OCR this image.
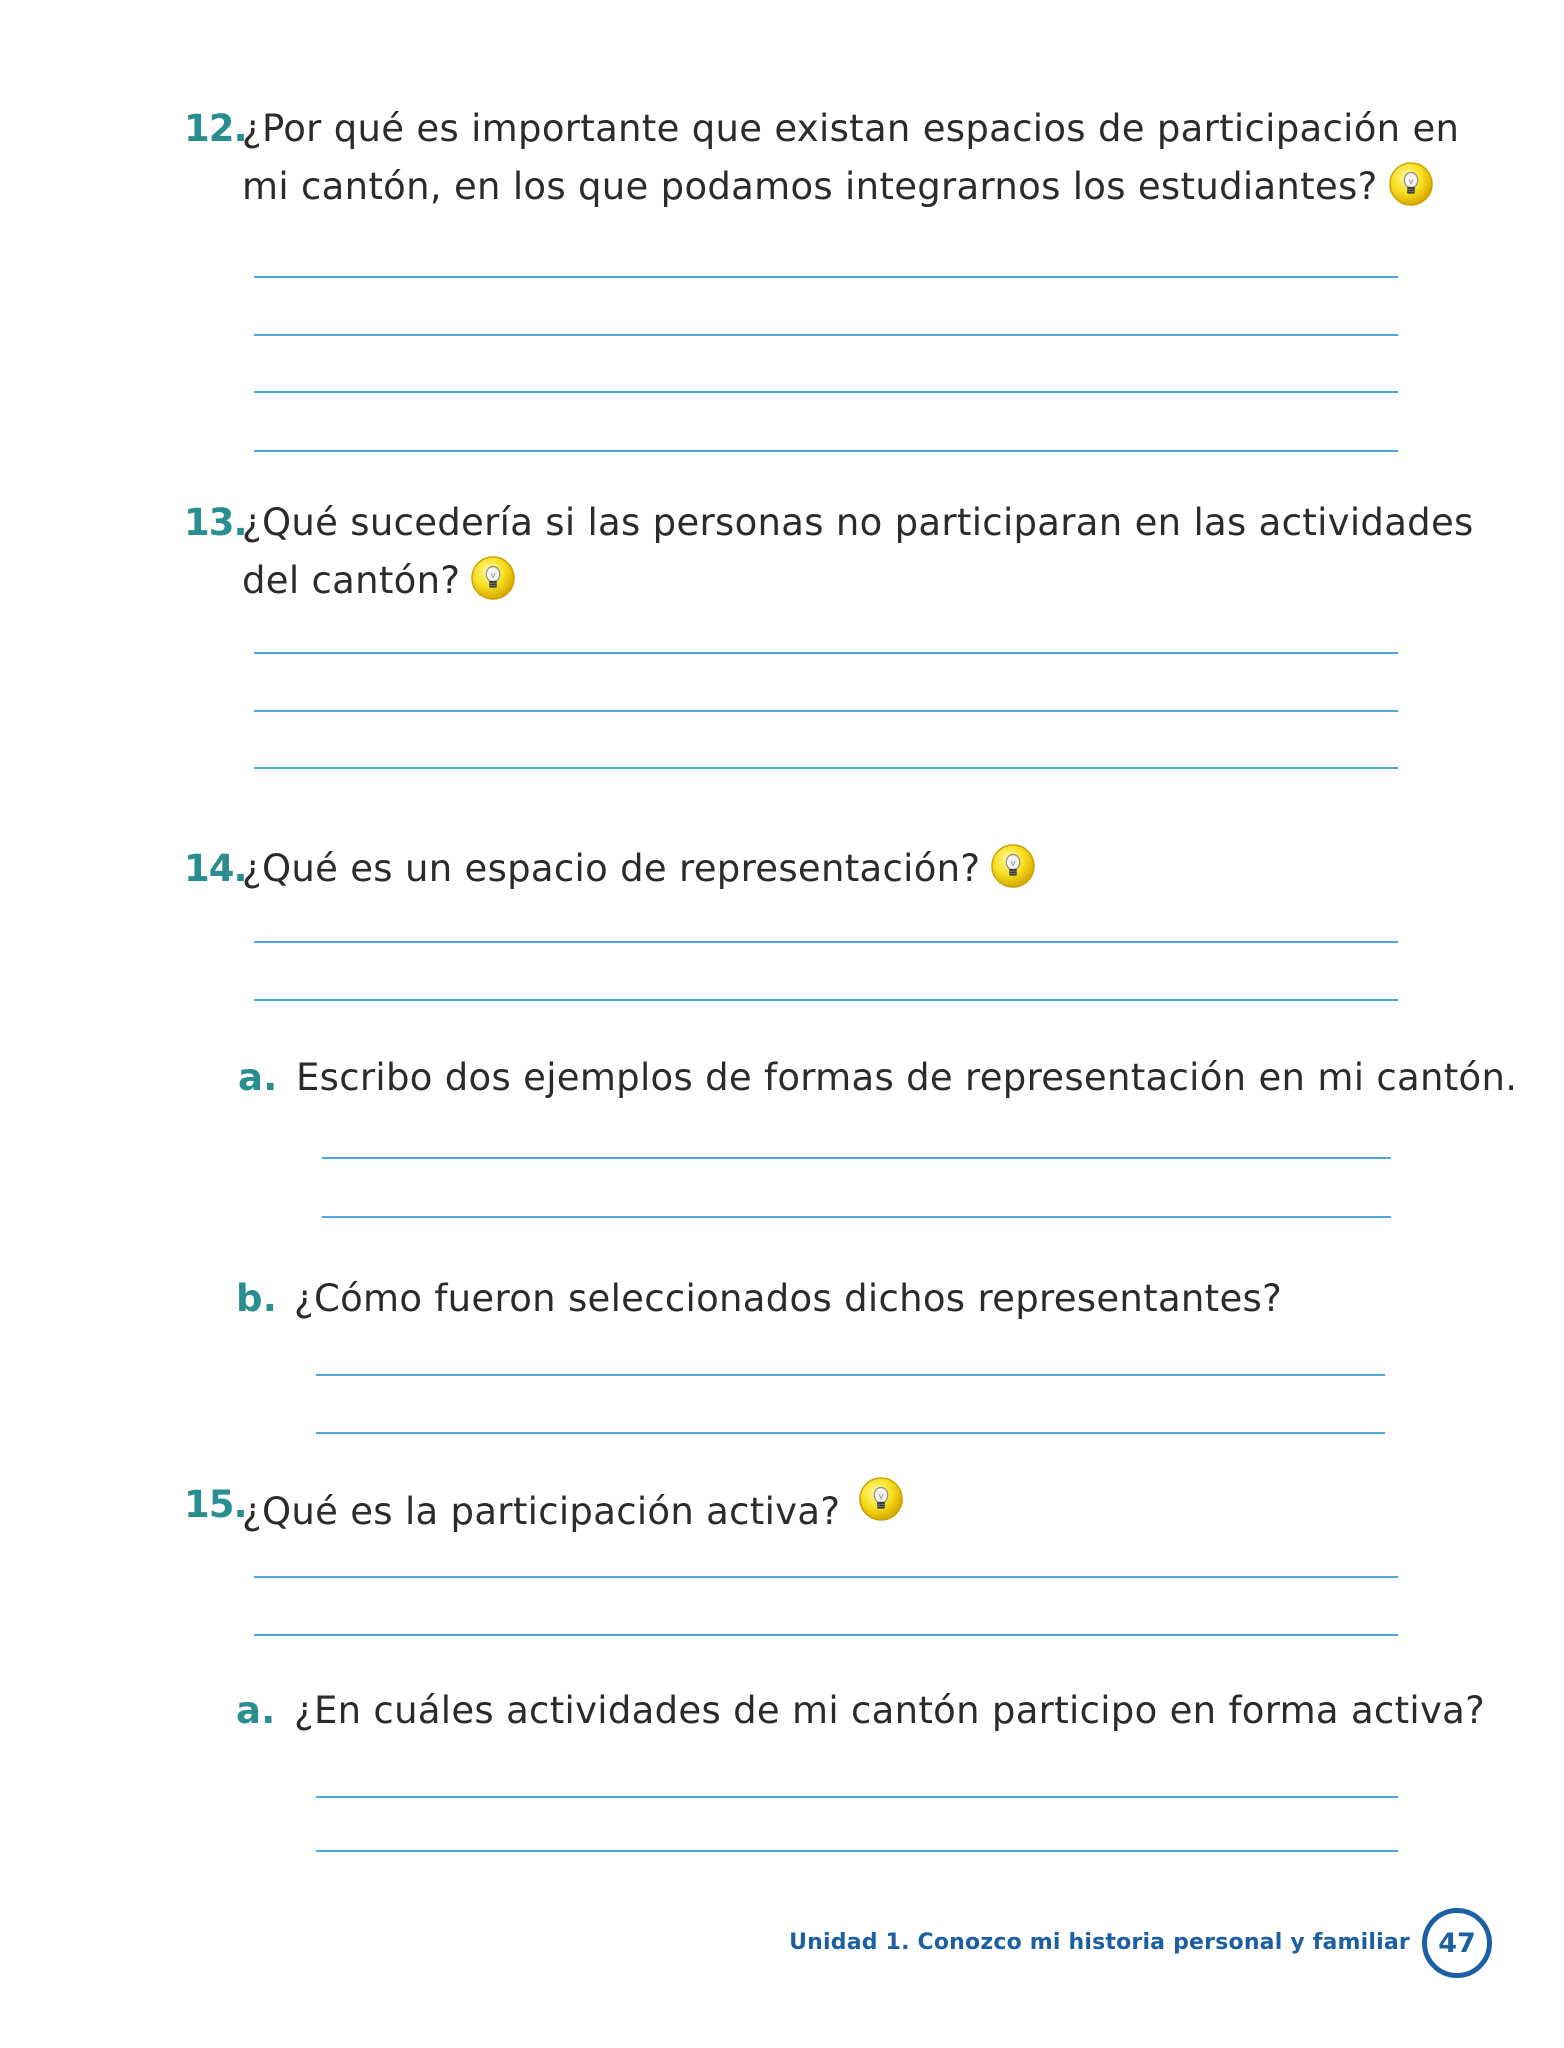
12.
¿Por qué es importante que existan espacios de participación en
mi cantón, en los que podamos integrarnos los estudiantes?
13.
¿Qué sucedería si las personas no participaran en las actividades
del cantón?
14.
¿Qué es un espacio de representación?
a. Escribo dos ejemplos de formas de representación en mi cantón.
b. ¿Cómo fueron seleccionados dichos representantes?
15.
¿Qué es la participación activa?
a. ¿En cuáles actividades de mi cantón participo en forma activa?
Unidad 1. Conozco mi historia personal y familiar 47
